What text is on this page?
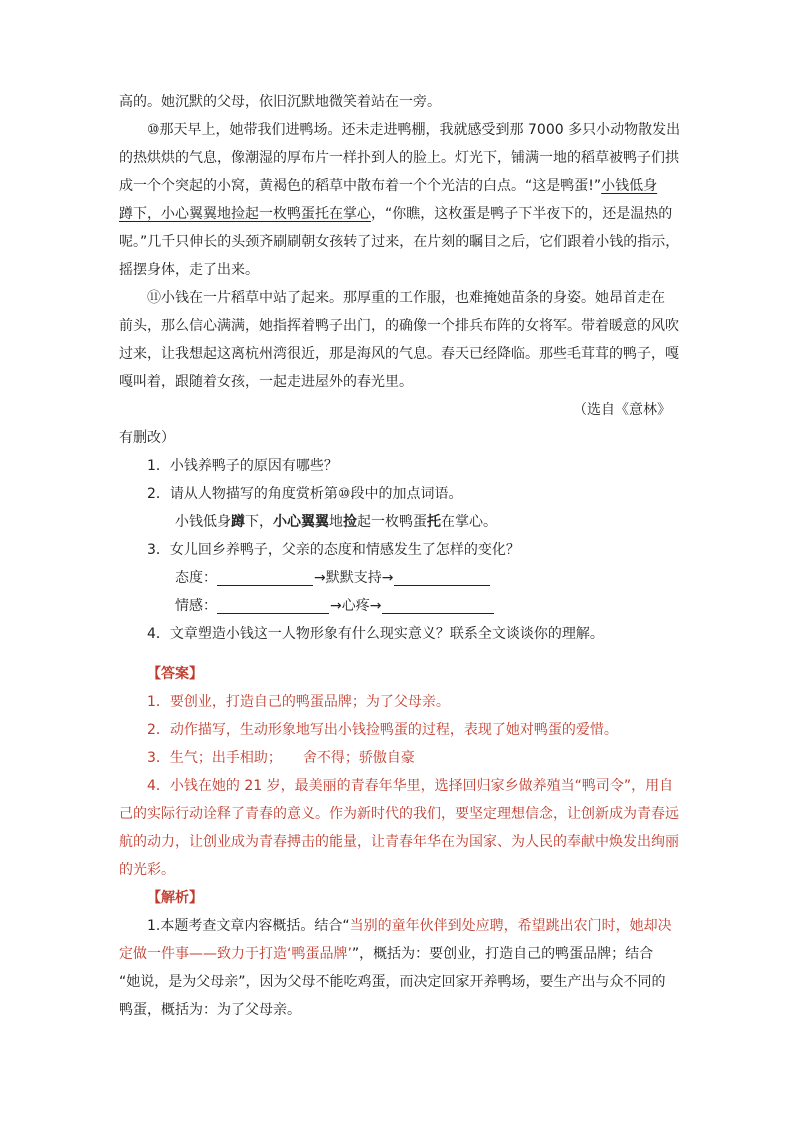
高的。她沉默的父母，依旧沉默地微笑着站在一旁。
⑩那天早上，她带我们进鸭场。还未走进鸭棚，我就感受到那 7000 多只小动物散发出
的热烘烘的气息，像潮湿的厚布片一样扑到人的脸上。灯光下，铺满一地的稻草被鸭子们拱
成一个个突起的小窝，黄褐色的稻草中散布着一个个光洁的白点。“这是鸭蛋!”小钱低身
蹲下，小心翼翼地捡起一枚鸭蛋托在掌心，“你瞧，这枚蛋是鸭子下半夜下的，还是温热的
呢。”几千只伸长的头颈齐刷刷朝女孩转了过来，在片刻的瞩目之后，它们跟着小钱的指示，
摇摆身体，走了出来。
⑪小钱在一片稻草中站了起来。那厚重的工作服，也难掩她苗条的身姿。她昂首走在
前头，那么信心满满，她指挥着鸭子出门，的确像一个排兵布阵的女将军。带着暖意的风吹
过来，让我想起这离杭州湾很近，那是海风的气息。春天已经降临。那些毛茸茸的鸭子，嘎
嘎叫着，跟随着女孩，一起走进屋外的春光里。
（选自《意林》
有删改）
1．小钱养鸭子的原因有哪些？
2．请从人物描写的角度赏析第⑩段中的加点词语。
小钱低身蹲下，小心翼翼地捡起一枚鸭蛋托在掌心。
3．女儿回乡养鸭子，父亲的态度和情感发生了怎样的变化？
态度：	→默默支持→
情感：	→心疼→
4．文章塑造小钱这一人物形象有什么现实意义？联系全文谈谈你的理解。
【答案】
1．要创业，打造自己的鸭蛋品牌；为了父母亲。
2．动作描写，生动形象地写出小钱捡鸭蛋的过程，表现了她对鸭蛋的爱惜。
3．生气；出手相助；　　舍不得；骄傲自豪
4．小钱在她的 21 岁，最美丽的青春年华里，选择回归家乡做养殖当“鸭司令”，用自
己的实际行动诠释了青春的意义。作为新时代的我们，要坚定理想信念，让创新成为青春远
航的动力，让创业成为青春搏击的能量，让青春年华在为国家、为人民的奉献中焕发出绚丽
的光彩。
【解析】
1.本题考查文章内容概括。结合“当别的童年伙伴到处应聘，希望跳出农门时，她却决
定做一件事——致力于打造‘鸭蛋品牌’”，概括为：要创业，打造自己的鸭蛋品牌；结合
“她说，是为父母亲”，因为父母不能吃鸡蛋，而决定回家开养鸭场，要生产出与众不同的
鸭蛋，概括为：为了父母亲。
